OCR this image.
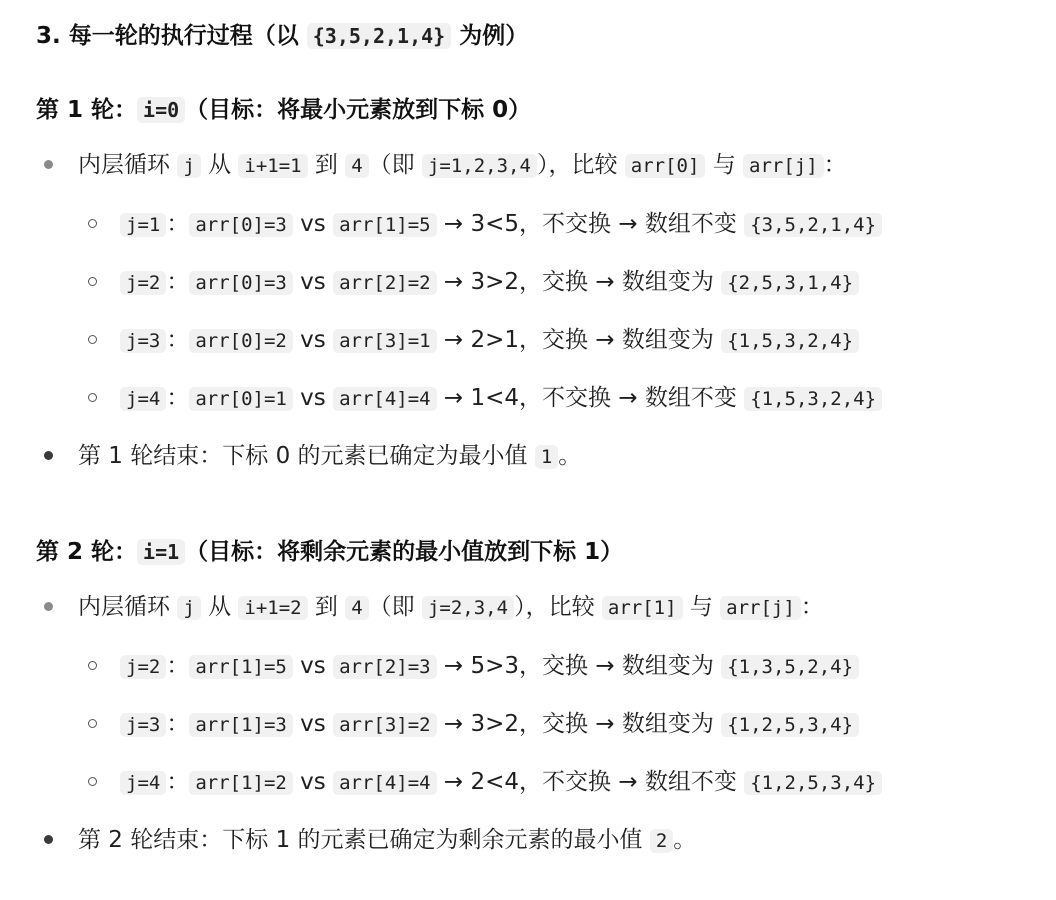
3. 每一轮的执行过程（以 {3,5,2,1,4} 为例）
第 1 轮： i=0 （目标：将最小元素放到下标 0）
内层循环 j 从 i+1=1 到 4 （即 j=1,2,3,4 ），比较 arr[0] 与 arr[j] ：
j=1 ： arr[0]=3 vs arr[1]=5 → 3<5，不交换 → 数组不变 {3,5,2,1,4}
j=2 ： arr[0]=3 vs arr[2]=2 → 3>2，交换 → 数组变为 {2,5,3,1,4}
j=3 ： arr[0]=2 vs arr[3]=1 → 2>1，交换 → 数组变为 {1,5,3,2,4}
j=4 ： arr[0]=1 vs arr[4]=4 → 1<4，不交换 → 数组不变 {1,5,3,2,4}
第 1 轮结束：下标 0 的元素已确定为最小值 1 。
第 2 轮： i=1 （目标：将剩余元素的最小值放到下标 1）
内层循环 j 从 i+1=2 到 4 （即 j=2,3,4 ），比较 arr[1] 与 arr[j] ：
j=2 ： arr[1]=5 vs arr[2]=3 → 5>3，交换 → 数组变为 {1,3,5,2,4}
j=3 ： arr[1]=3 vs arr[3]=2 → 3>2，交换 → 数组变为 {1,2,5,3,4}
j=4 ： arr[1]=2 vs arr[4]=4 → 2<4，不交换 → 数组不变 {1,2,5,3,4}
第 2 轮结束：下标 1 的元素已确定为剩余元素的最小值 2 。
